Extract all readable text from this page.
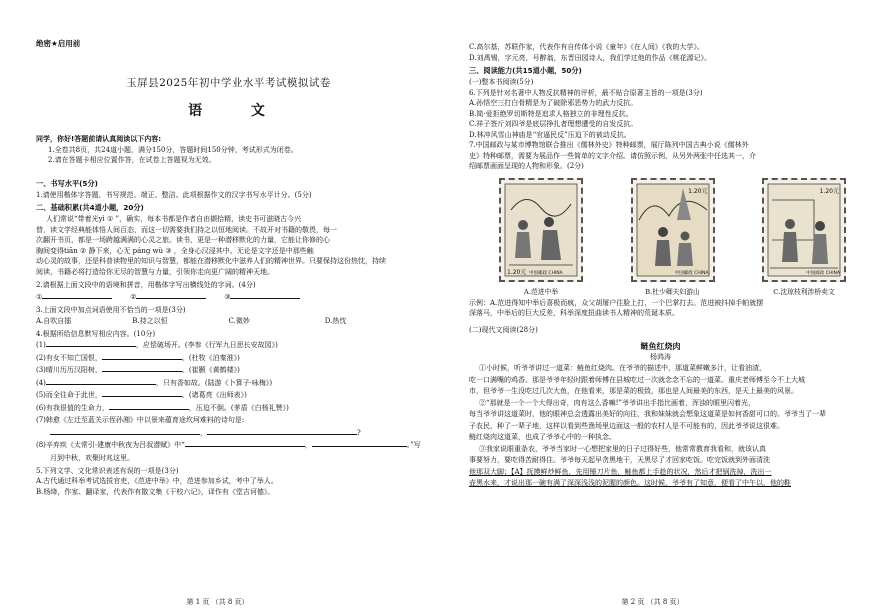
绝密★启用前
玉屏县2025年初中学业水平考试模拟试卷
语 文
同学，你好!答题前请认真阅读以下内容:
1.全卷共8页，共24道小题，满分150分，答题时间150分钟，考试形式为闭卷。
2.请在答题卡相应位置作答，在试卷上答题视为无效。
一、书写水平(5分)
1.请使用楷体字答题，书写规范、端正、整洁。此项根据作文的汉字书写水平计分。(5分)
二、基础积累(共4道小题，20分)
人们常说“带着光yì ① ”，确实，每本书都是作者自由撷拾精，读史书可滋晓古今兴
替，读文学经典能体悟人间百态，而这一切需要我们持之以恒地阅读。不故开对书籍的敬畏，每一
次翻开书页，都是一场跨越满满的心灵之旅。读书，更是一种潜移默化的力量，它能让你修的心
胸间变得tiān ② 静下来，心无 páng wù ③ ，全身心汉浸其中。无论是文字还是中那些触
动心灵的故事，还是科普读物里的知识与智慧，都能在潜移默化中滋养人们的精神世界。只要保持这份热忱，持续
阅读，书籍必将打造给你无尽的智慧与力量，引领你走向更广阔的精神天地。
2.请根据上面文段中的语境和拼音，用楷体字写出横线处的字词。(4分)
①	②	③
3.上面文段中加点词语使用不恰当的一项是(3分)
A.自吹自擂	B.持之以恒	C.微妙	D.热忱
4.根据所给信息默写相应内容。(10分)
(1)	，应偿破场开。(李参《行军九日思长安故园》)
(2)有女不知亡国恨，	。(杜牧《泊秦淮》)
(3)晴川历历汉阳树，	。(崔颢《黄鹤楼》)
(4)	，只有香如故。(陆游《卜算子·咏梅》)
(5)而全往命于此世，	。(诸葛亮《出师表》)
(6)有我很值的生命力，	，压迫不倒。(茅盾《白杨礼赞》)
(7)韩愈《左迁至蓝关示侄孙湘》中以景来蕴育途坎坷难料的诗句是:
，	?
(8)辛弃疾《太常引·建康中秋夜为吕叔潜赋》中“	，	。”写
月到中秋，欢聚时兆这里。
5.下列文学、文化常识表述有误的一项是(3分)
A.古代通过科举考试选拔官吏，《范进中举》中，范进参加乡试，考中了举人。
B.杨绛，作家、翻译家，代表作有散文集《干校六记》，译作有《堂吉诃德》。
第 1 页 （共 8 页）
C.高尔基，苏联作家，代表作有自传体小说《童年》《在人间》《我的大学》。
D.刘禹锡，字元亮，号醉翁，东晋田园诗人，我们学过他的作品《桃花源记》。
三、阅读能力(共15道小题，50分)
(一)整本书阅读(5分)
6.下列是针对名著中人物反抗精神的评析，最不贴合原著主旨的一项是(3分)
A.孙悟空三打白骨精是为了破除邪恶势力的武力反抗。
B.简·爱拒绝罗切斯特是追求人格独立的非理性反抗。
C.祥子签斤刘四爷是底层挣扎者理想遭受的自发反抗。
D.林冲风雪山神庙是“官逼民反”压迫下的被动反抗。
7.中国邮政与某市博物馆联合推出《儒林外史》特种邮票，展厅陈列中国古典小说《儒林外
史》特种邮票，需要为展品作一些简单的文字介绍。请仿照示例，从另外两张中任选其一，介
绍邮票画面呈现的人物和形象。(2分)
1.20元 中国邮政 CHINA
A.范进中举
1.20元
中国邮政 CHINA
B.杜少卿夫妇游山
1.20元
中国邮政 CHINA
C.沈琼枝利涉桥卖文
示例：A.范进得知中举后喜极而疯，众父胡屠户往脸上打，一个巴掌打去。范进被抖掉手帕就摆
深落马，中举后的巨大反差，科举深度扭曲读书人精神的荒诞本质。
(二)现代文阅读(28分)
鲢鱼红烧肉
杨鸿涛
①小时候，听爷爷讲过一道菜：鲢鱼红烧肉。在爷爷的描述中，那道菜鲜嫩多汁，让看油渣，
吃一口满嘴的鸡香。那是爷爷年轻时跟着师傅在县城吃过一次就念念不忘的一道菜。重庆老师傅至今不上大城
市，但爷爷一生没吃过几次大鱼，在他看来，那是菜的极致，那也是人间最美的东西，是天上最美的风景。
②“那就是一个一个大得出奇，肉有这么香嘛!”爷爷讲出手指比画着，浑浊的眼里闪着光，
每当爷爷讲这道菜时，他的眼神总会透露出美好的向往，我和妹妹就会想象这道菜是如何香甜可口的。爷爷当了一辈
子农民，种了一辈子地，这样以看到些渔场里边面这一般的农村人是不可能有的，因此爷爷说这很难。
鲢红烧肉这道菜，也成了爷爷心中的一种执念。
③我家说眼重条农，爷爷当家时一心想把家里的日子过得好些，他常常教育我看和，就该认真
事要努力，要吃得苦耐得住。爷爷每天起早贪黑地干，天黑尽了才回家吃饭。吃完饭就到外面清洗
他那双大脚；【A】抚摸鲜炒鲜鱼，先用锤刀片鱼，鲢鱼都上手趁的状况，然后才把锅洗掉，洗出一
壶黑水来，才说出那一碗有满了深深浅浅的泥腥的颜色。这时候，爷爷有了知意，便看了中午以，他的鞋
第 2 页 （共 8 页）
